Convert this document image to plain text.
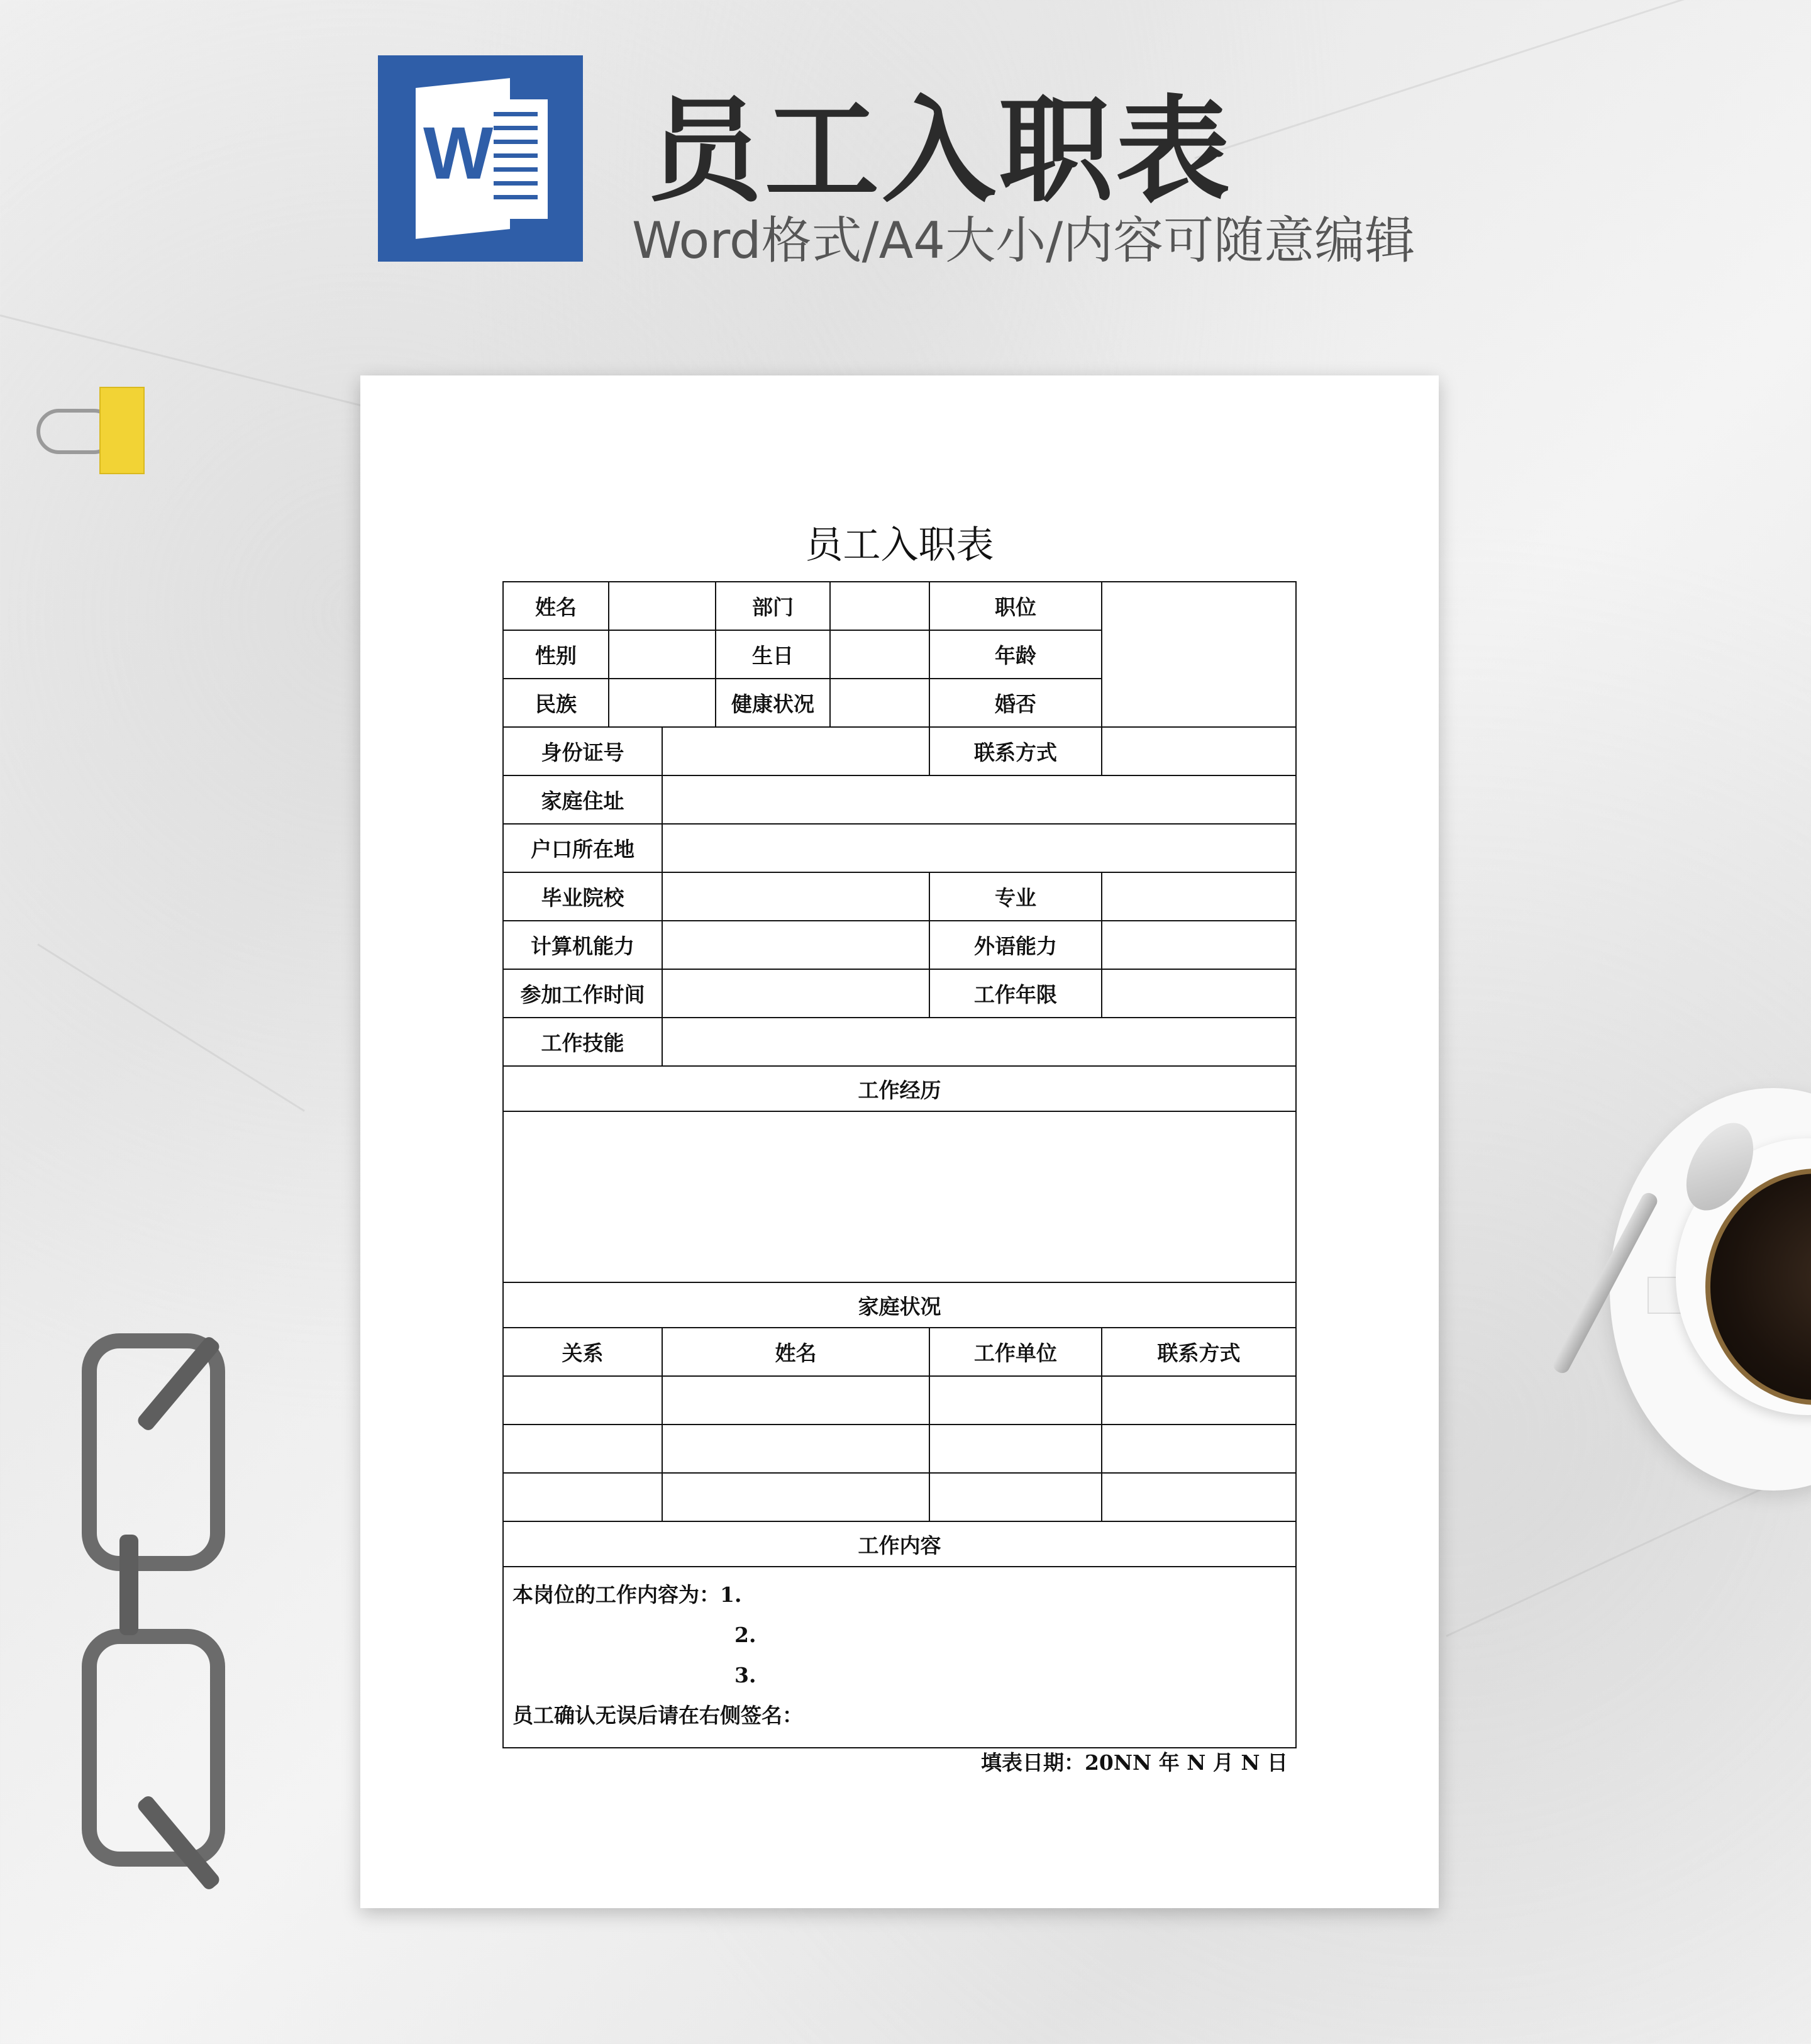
W 员工入职表
Word格式/A4大小/内容可随意编辑
员工入职表
姓名			部门		职位	
性别			生日		年龄	
民族			健康状况		婚否	
身份证号					联系方式	
家庭住址						
户口所在地						
毕业院校					专业	
计算机能力					外语能力	
参加工作时间					工作年限	
工作技能						
工作经历						

家庭状况						
关系		姓名			工作单位	联系方式

工作内容						

本岗位的工作内容为：1.
2.
3.
员工确认无误后请在右侧签名：						
填表日期：20NN 年 N 月 N 日
